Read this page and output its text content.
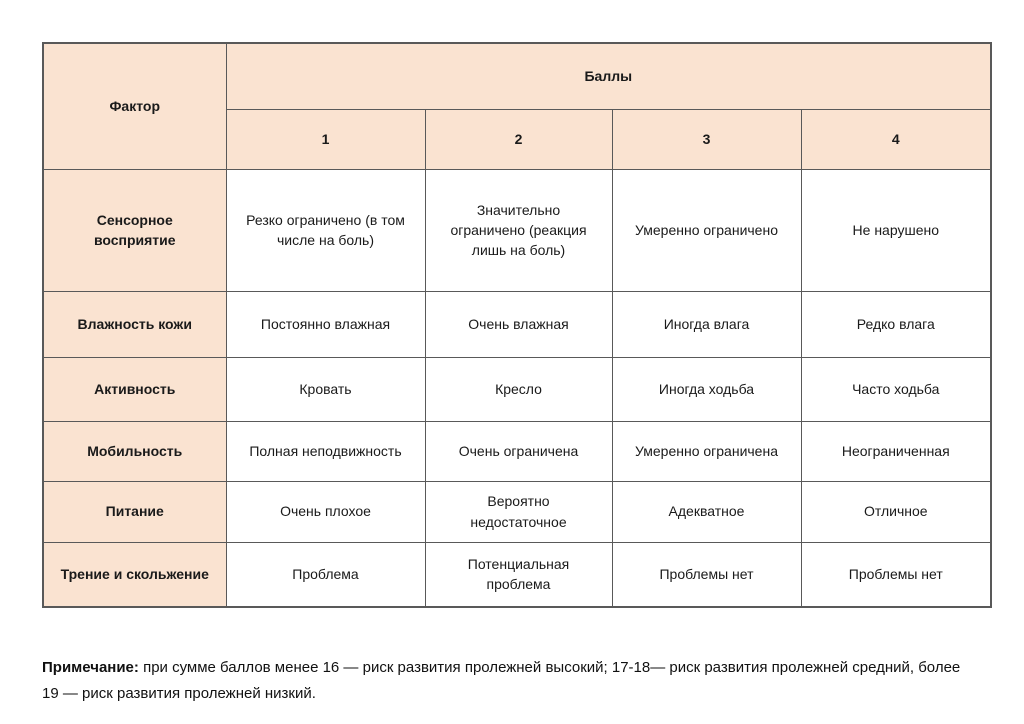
Фактор	Баллы			
	1	2	3	4
Сенсорное восприятие	Резко ограничено (в том числе на боль)	Значительно ограничено (реакция лишь на боль)	Умеренно ограничено	Не нарушено
Влажность кожи	Постоянно влажная	Очень влажная	Иногда влага	Редко влага
Активность	Кровать	Кресло	Иногда ходьба	Часто ходьба
Мобильность	Полная неподвижность	Очень ограничена	Умеренно ограничена	Неограниченная
Питание	Очень плохое	Вероятно недостаточное	Адекватное	Отличное
Трение и скольжение	Проблема	Потенциальная проблема	Проблемы нет	Проблемы нет

Примечание: при сумме баллов менее 16 — риск развития пролежней высокий; 17-18— риск развития пролежней средний, более 19 — риск развития пролежней низкий.
